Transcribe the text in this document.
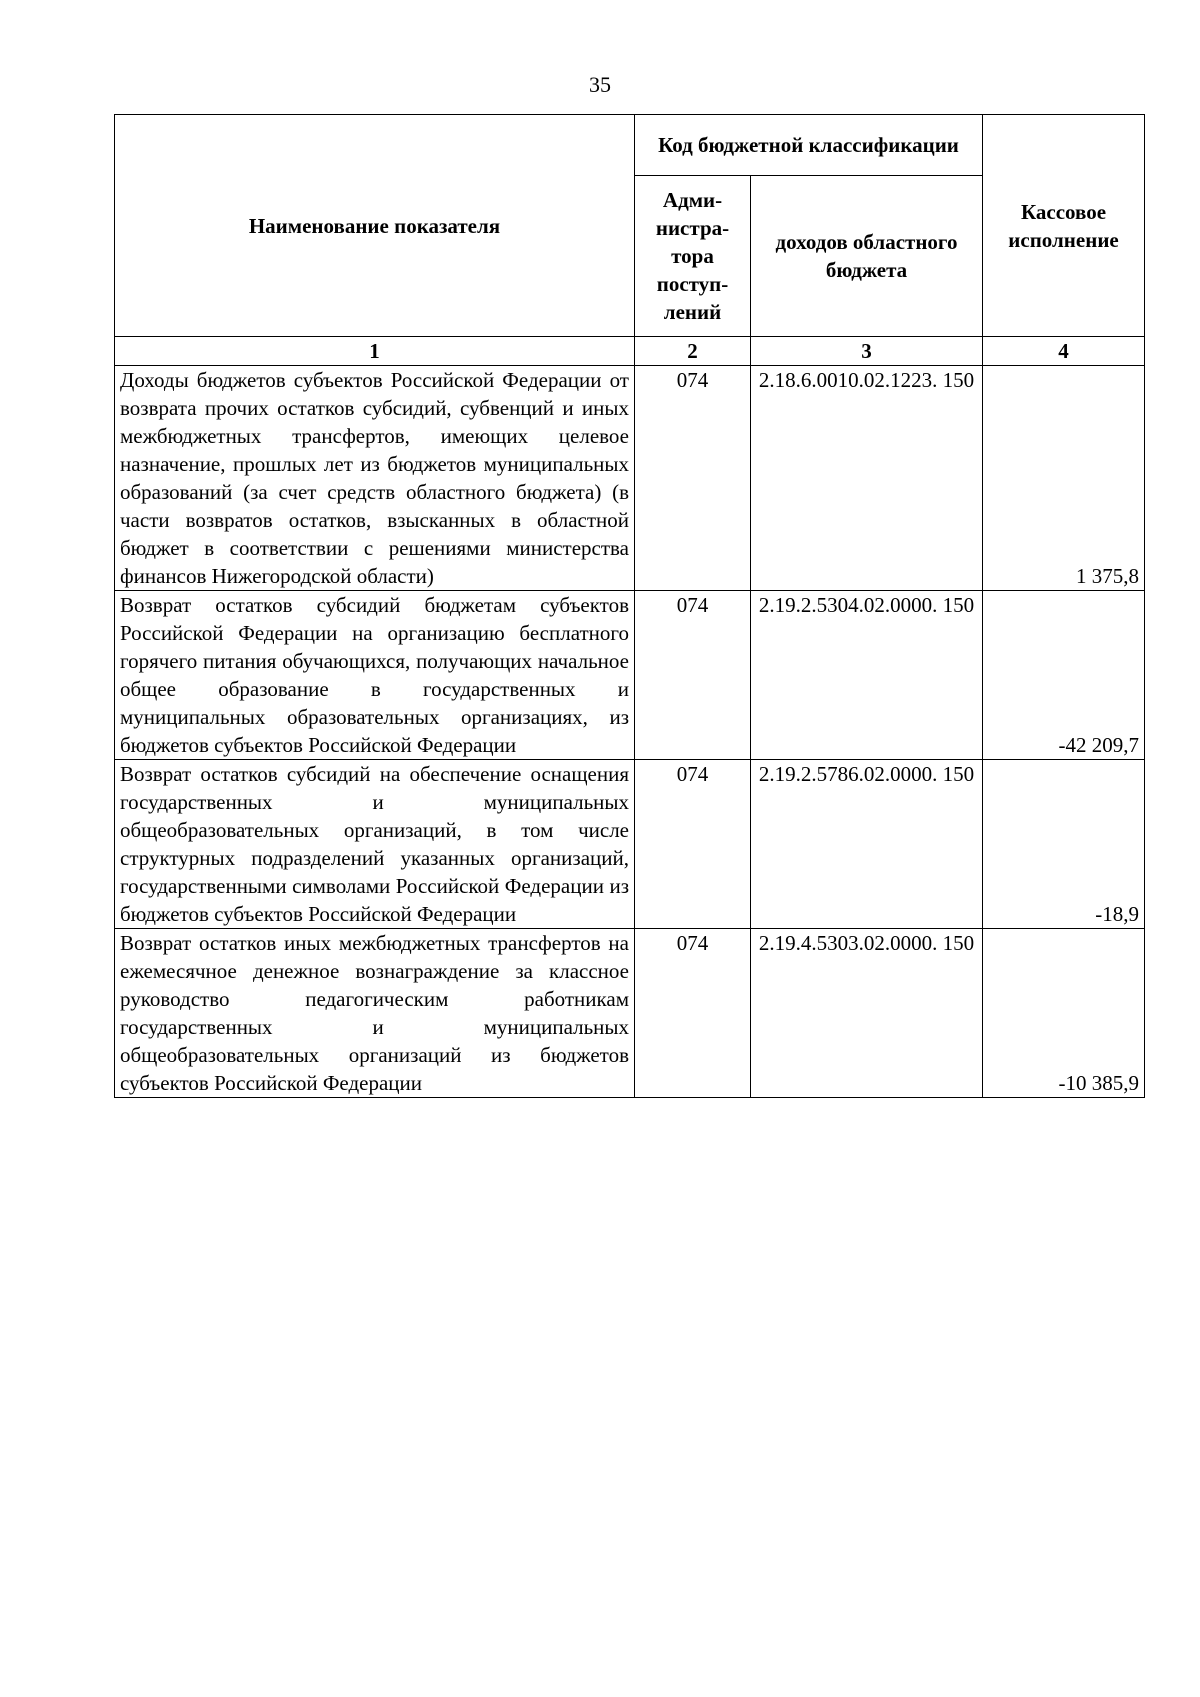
35
Наименование показателя	Код бюджетной классификации		Кассовое исполнение
	Адми-нистра-тора поступ-лений	доходов областного бюджета	
1	2	3	4
Доходы бюджетов субъектов Российской Федерации от возврата прочих остатков субсидий, субвенций и иных межбюджетных трансфертов, имеющих целевое назначение, прошлых лет из бюджетов муниципальных образований (за счет средств областного бюджета) (в части возвратов остатков, взысканных в областной бюджет в соответствии с решениями министерства финансов Нижегородской области)	074	2.18.6.0010.02.1223. 150	1 375,8
Возврат остатков субсидий бюджетам субъектов Российской Федерации на организацию бесплатного горячего питания обучающихся, получающих начальное общее образование в государственных и муниципальных образовательных организациях, из бюджетов субъектов Российской Федерации	074	2.19.2.5304.02.0000. 150	-42 209,7
Возврат остатков субсидий на обеспечение оснащения государственных и муниципальных общеобразовательных организаций, в том числе структурных подразделений указанных организаций, государственными символами Российской Федерации из бюджетов субъектов Российской Федерации	074	2.19.2.5786.02.0000. 150	-18,9
Возврат остатков иных межбюджетных трансфертов на ежемесячное денежное вознаграждение за классное руководство педагогическим работникам государственных и муниципальных общеобразовательных организаций из бюджетов субъектов Российской Федерации	074	2.19.4.5303.02.0000. 150	-10 385,9
